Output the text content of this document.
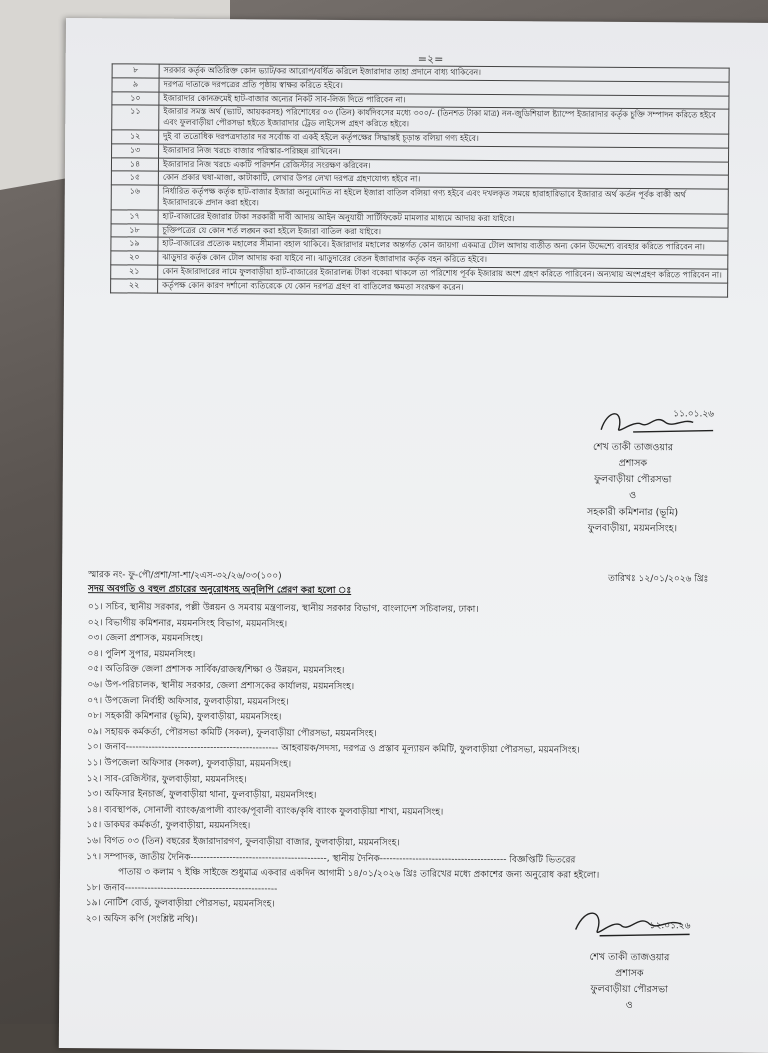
=২=
৮	সরকার কর্তৃক অতিরিক্ত কোন ভ্যাট/কর আরোপ/বর্ধিত করিলে ইজারাদার তাহা প্রদানে বাধ্য থাকিবেন।
৯	দরপত্র দাতাকে দরপত্রের প্রতি পৃষ্ঠায় স্বাক্ষর করিতে হইবে।
১০	ইজারাদার কোনক্রমেই হাট-বাজার অন্যের নিকট সাব-লিজ দিতে পারিবেন না।
১১	ইজারার সমস্ত অর্থ (ভ্যাট, আয়করসহ) পরিশোধের ০৩ (তিন) কার্যদিবসের মধ্যে ৩০০/- (তিনশত টাকা মাত্র) নন-জুডিশিয়াল ষ্ট্যাম্পে ইজারাদার কর্তৃক চুক্তি সম্পাদন করিতে হইবে এবং ফুলবাড়ীয়া পৌরসভা হইতে ইজারাদার ট্রেড লাইসেন্স গ্রহণ করিতে হইবে।
১২	দুই বা ততোধিক দরপত্রদাতার দর সর্বোচ্চ বা একই হইলে কর্তৃপক্ষের সিদ্ধান্তই চূড়ান্ত বলিয়া গণ্য হইবে।
১৩	ইজারাদার নিজ খরচে বাজার পরিস্কার-পরিচ্ছন্ন রাখিবেন।
১৪	ইজারাদার নিজ খরচে একটি পরিদর্শন রেজিস্টার সংরক্ষণ করিবেন।
১৫	কোন প্রকার ঘষা-মাজা, কাটাকাটি, লেখার উপর লেখা দরপত্র গ্রহণযোগ্য হইবে না।
১৬	নির্ধারিত কর্তৃপক্ষ কর্তৃক হাট-বাজার ইজারা অনুমোদিত না হইলে ইজারা বাতিল বলিয়া গণ্য হইবে এবং দখলকৃত সময়ে হারাহারিভাবে ইজারার অর্থ কর্তন পূর্বক বাকী অর্থ ইজারাদারকে প্রদান করা হইবে।
১৭	হাট-বাজারের ইজারার টাকা সরকারী দাবী আদায় আইন অনুযায়ী সার্টিফিকেট মামলার মাধ্যমে আদায় করা যাইবে।
১৮	চুক্তিপত্রের যে কোন শর্ত লঙ্ঘন করা হইলে ইজারা বাতিল করা যাইবে।
১৯	হাট-বাজারের প্রত্যেক মহালের সীমানা বহাল থাকিবে। ইজারাদার মহালের অন্তর্গত কোন জায়গা একমাত্র টোল আদায় ব্যতীত অন্য কোন উদ্দেশ্যে ব্যবহার করিতে পারিবেন না।
২০	ঝাড়ুদার কর্তৃক কোন টোল আদায় করা যাইবে না। ঝাড়ুদারের বেতন ইজারাদার কর্তৃক বহন করিতে হইবে।
২১	কোন ইজারাদারের নামে ফুলবাড়ীয়া হাট-বাজারের ইজারালব্ধ টাকা বকেয়া থাকলে তা পরিশোধ পূর্বক ইজারায় অংশ গ্রহণ করিতে পারিবেন। অন্যথায় অংশগ্রহণ করিতে পারিবেন না।
২২	কর্তৃপক্ষ কোন কারণ দর্শানো ব্যতিরেকে যে কোন দরপত্র গ্রহণ বা বাতিলের ক্ষমতা সংরক্ষণ করেন।
১১.০১.২৬
শেখ তাকী তাজওয়ার
প্রশাসক
ফুলবাড়ীয়া পৌরসভা
ও
সহকারী কমিশনার (ভূমি)
ফুলবাড়ীয়া, ময়মনসিংহ।
স্মারক নং- ফু-পৌ/প্রশা/সা-শা/২এস-৩২/২৬/০৩(১০০)	তারিখঃ ১২/০১/২০২৬ খ্রিঃ
সদয় অবগতি ও বহুল প্রচারের অনুরোধসহ অনুলিপি প্রেরণ করা হলো ঃ
০১। সচিব, স্থানীয় সরকার, পল্লী উন্নয়ন ও সমবায় মন্ত্রণালয়, স্থানীয় সরকার বিভাগ, বাংলাদেশ সচিবালয়, ঢাকা।
০২। বিভাগীয় কমিশনার, ময়মনসিংহ বিভাগ, ময়মনসিংহ।
০৩। জেলা প্রশাসক, ময়মনসিংহ।
০৪। পুলিশ সুপার, ময়মনসিংহ।
০৫। অতিরিক্ত জেলা প্রশাসক সার্বিক/রাজস্ব/শিক্ষা ও উন্নয়ন, ময়মনসিংহ।
০৬। উপ-পরিচালক, স্থানীয় সরকার, জেলা প্রশাসকের কার্যালয়, ময়মনসিংহ।
০৭। উপজেলা নির্বাহী অফিসার, ফুলবাড়ীয়া, ময়মনসিংহ।
০৮। সহকারী কমিশনার (ভূমি), ফুলবাড়ীয়া, ময়মনসিংহ।
০৯। সহায়ক কর্মকর্তা, পৌরসভা কমিটি (সকল), ফুলবাড়ীয়া পৌরসভা, ময়মনসিংহ।
১০। জনাব----------------------------------------------- আহবায়ক/সদস্য, দরপত্র ও প্রস্তাব মূল্যায়ন কমিটি, ফুলবাড়ীয়া পৌরসভা, ময়মনসিংহ।
১১। উপজেলা অফিসার (সকল), ফুলবাড়ীয়া, ময়মনসিংহ।
১২। সাব-রেজিস্টার, ফুলবাড়ীয়া, ময়মনসিংহ।
১৩। অফিসার ইনচার্জ, ফুলবাড়ীয়া থানা, ফুলবাড়ীয়া, ময়মনসিংহ।
১৪। ব্যবস্থাপক, সোনালী ব্যাংক/রূপালী ব্যাংক/পূবালী ব্যাংক/কৃষি ব্যাংক ফুলবাড়ীয়া শাখা, ময়মনসিংহ।
১৫। ডাকঘর কর্মকর্তা, ফুলবাড়ীয়া, ময়মনসিংহ।
১৬। বিগত ০৩ (তিন) বছরের ইজারাদারগণ, ফুলবাড়ীয়া বাজার, ফুলবাড়ীয়া, ময়মনসিংহ।
১৭। সম্পাদক, জাতীয় দৈনিক------------------------------------------, স্থানীয় দৈনিক--------------------------------------- বিজ্ঞপ্তিটি ভিতরের
পাতায় ৩ কলাম ৭ ইঞ্চি সাইজে শুধুমাত্র একবার একদিন আগামী ১৪/০১/২০২৬ খ্রিঃ তারিখের মধ্যে প্রকাশের জন্য অনুরোধ করা হইলো।
১৮। জনাব-----------------------------------------------
১৯। নোটিশ বোর্ড, ফুলবাড়ীয়া পৌরসভা, ময়মনসিংহ।
২০। অফিস কপি (সংশ্লিষ্ট নথি)।
১২.০১.২৬
শেখ তাকী তাজওয়ার
প্রশাসক
ফুলবাড়ীয়া পৌরসভা
ও
